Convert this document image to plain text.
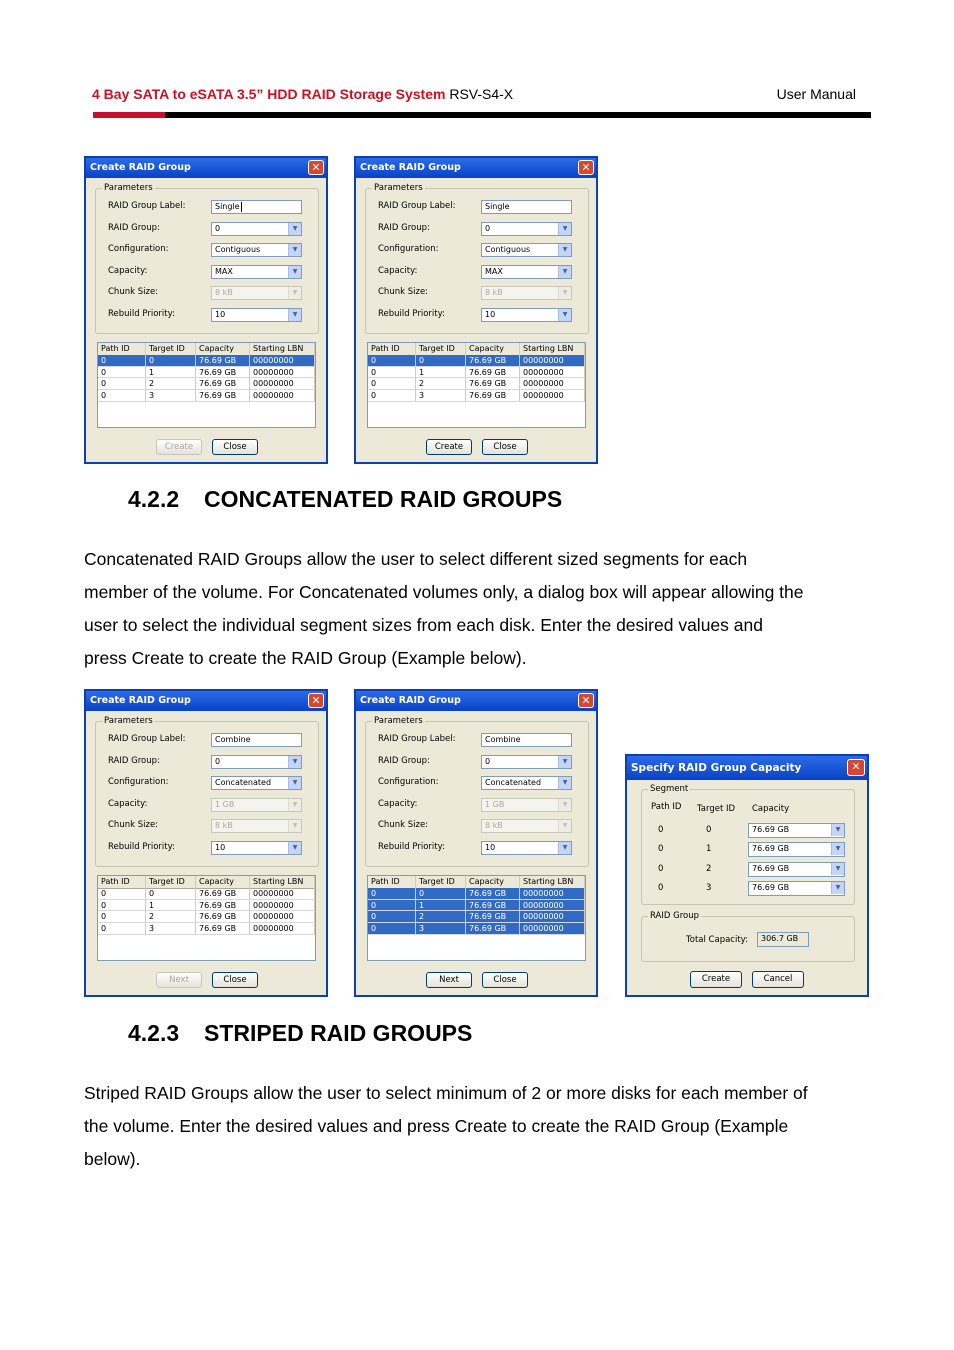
4 Bay SATA to eSATA 3.5” HDD RAID Storage System RSV-S4-X	User Manual
Create RAID Group	✕
Parameters
RAID Group Label:	Single
RAID Group:	0	▼
Configuration:	Contiguous	▼
Capacity:	MAX	▼
Chunk Size:	8 kB	▼
Rebuild Priority:	10	▼
Path ID	Target ID	Capacity	Starting LBN
0	0	76.69 GB	00000000
0	1	76.69 GB	00000000
0	2	76.69 GB	00000000
0	3	76.69 GB	00000000
Create	Close
Create RAID Group	✕
Parameters
RAID Group Label:	Single
RAID Group:	0	▼
Configuration:	Contiguous	▼
Capacity:	MAX	▼
Chunk Size:	8 kB	▼
Rebuild Priority:	10	▼
Path ID	Target ID	Capacity	Starting LBN
0	0	76.69 GB	00000000
0	1	76.69 GB	00000000
0	2	76.69 GB	00000000
0	3	76.69 GB	00000000
Create	Close
Create RAID Group	✕
Parameters
RAID Group Label:	Combine
RAID Group:	0	▼
Configuration:	Concatenated	▼
Capacity:	1 GB	▼
Chunk Size:	8 kB	▼
Rebuild Priority:	10	▼
Path ID	Target ID	Capacity	Starting LBN
0	0	76.69 GB	00000000
0	1	76.69 GB	00000000
0	2	76.69 GB	00000000
0	3	76.69 GB	00000000
Next	Close
Create RAID Group	✕
Parameters
RAID Group Label:	Combine
RAID Group:	0	▼
Configuration:	Concatenated	▼
Capacity:	1 GB	▼
Chunk Size:	8 kB	▼
Rebuild Priority:	10	▼
Path ID	Target ID	Capacity	Starting LBN
0	0	76.69 GB	00000000
0	1	76.69 GB	00000000
0	2	76.69 GB	00000000
0	3	76.69 GB	00000000
Next	Close
Specify RAID Group Capacity	✕
Segment
Path ID Target ID Capacity
0	0	76.69 GB	▼
0	1	76.69 GB	▼
0	2	76.69 GB	▼
0	3	76.69 GB	▼
RAID Group
Total Capacity:	306.7 GB
Create	Cancel
4.2.2 CONCATENATED RAID GROUPS
Concatenated RAID Groups allow the user to select different sized segments for each
member of the volume. For Concatenated volumes only, a dialog box will appear allowing the
user to select the individual segment sizes from each disk. Enter the desired values and
press Create to create the RAID Group (Example below).
4.2.3 STRIPED RAID GROUPS
Striped RAID Groups allow the user to select minimum of 2 or more disks for each member of
the volume. Enter the desired values and press Create to create the RAID Group (Example
below).
